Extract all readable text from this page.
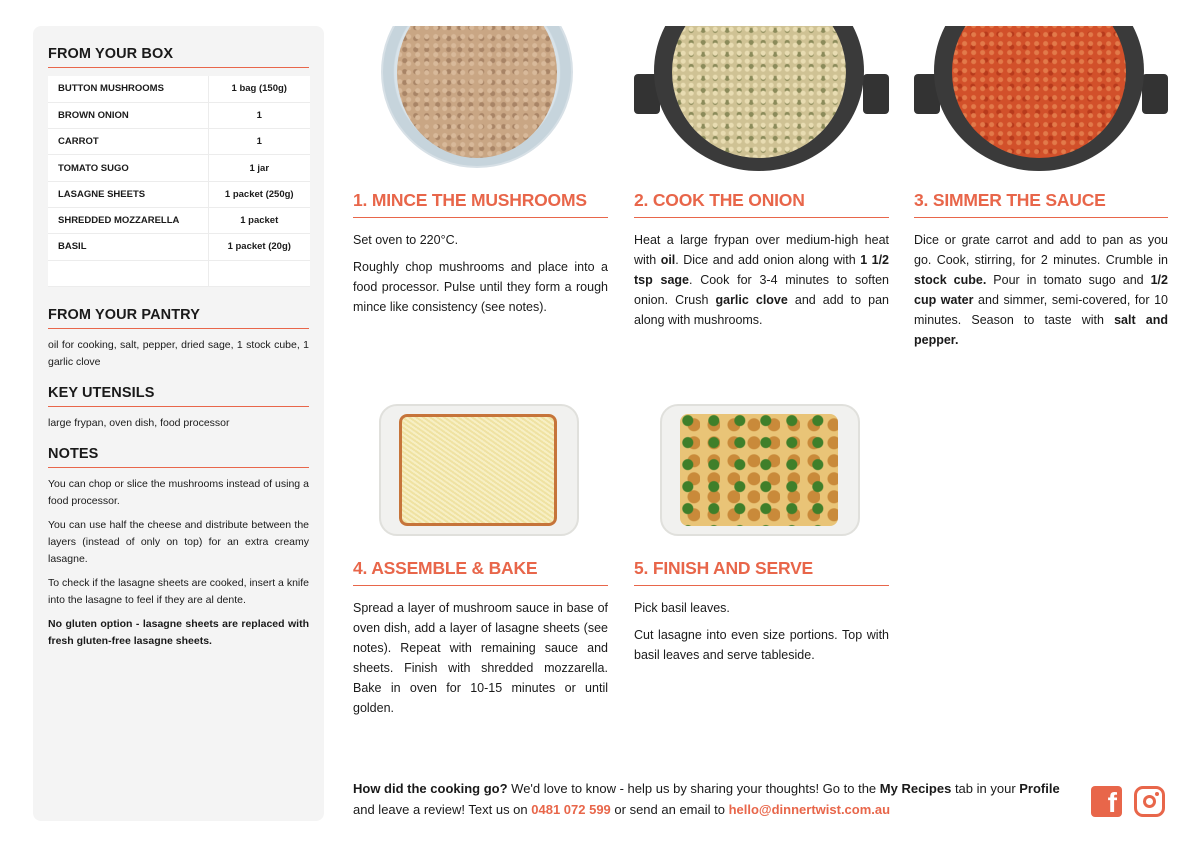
FROM YOUR BOX
BUTTON MUSHROOMS	1 bag (150g)
BROWN ONION	1
CARROT	1
TOMATO SUGO	1 jar
LASAGNE SHEETS	1 packet (250g)
SHREDDED MOZZARELLA	1 packet
BASIL	1 packet (20g)

FROM YOUR PANTRY

oil for cooking, salt, pepper, dried sage, 1 stock cube, 1 garlic clove

KEY UTENSILS

large frypan, oven dish, food processor

NOTES

You can chop or slice the mushrooms instead of using a food processor.

You can use half the cheese and distribute between the layers (instead of only on top) for an extra creamy lasagne.

To check if the lasagne sheets are cooked, insert a knife into the lasagne to feel if they are al dente.

No gluten option - lasagne sheets are replaced with fresh gluten-free lasagne sheets.

1. MINCE THE MUSHROOMS

Set oven to 220°C.

Roughly chop mushrooms and place into a food processor. Pulse until they form a rough mince like consistency (see notes).

2. COOK THE ONION

Heat a large frypan over medium-high heat with oil. Dice and add onion along with 1 1/2 tsp sage. Cook for 3-4 minutes to soften onion. Crush garlic clove and add to pan along with mushrooms.

3. SIMMER THE SAUCE

Dice or grate carrot and add to pan as you go. Cook, stirring, for 2 minutes. Crumble in stock cube. Pour in tomato sugo and 1/2 cup water and simmer, semi-covered, for 10 minutes. Season to taste with salt and pepper.

4. ASSEMBLE & BAKE

Spread a layer of mushroom sauce in base of oven dish, add a layer of lasagne sheets (see notes). Repeat with remaining sauce and sheets. Finish with shredded mozzarella. Bake in oven for 10-15 minutes or until golden.

5. FINISH AND SERVE

Pick basil leaves.

Cut lasagne into even size portions. Top with basil leaves and serve tableside.

How did the cooking go? We'd love to know - help us by sharing your thoughts! Go to the My Recipes tab in your Profile and leave a review! Text us on 0481 072 599 or send an email to hello@dinnertwist.com.au	f
